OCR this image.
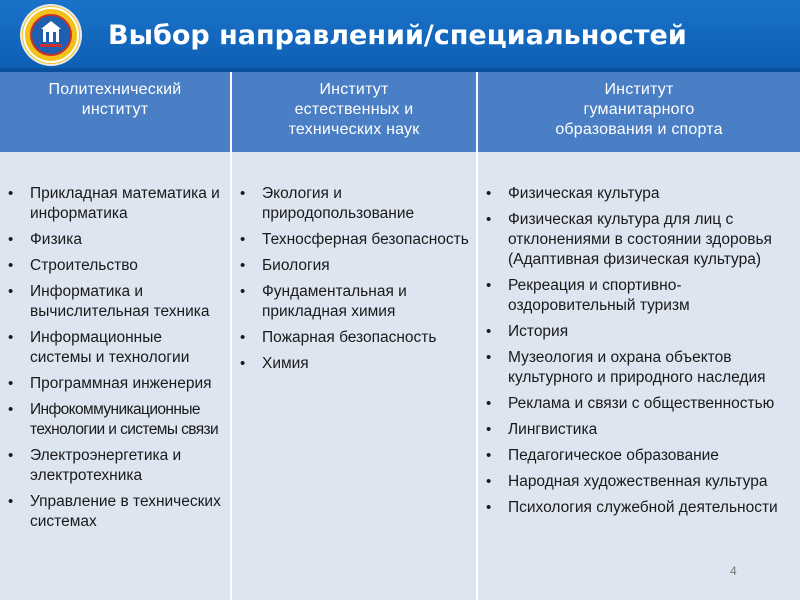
Выбор направлений/специальностей
Политехнический
институт
Институт
естественных и
технических наук
Институт
гуманитарного
образования и спорта
• Прикладная математика и информатика
• Физика
• Строительство
• Информатика и вычислительная техника
• Информационные системы и технологии
• Программная инженерия
• Инфокоммуникационные технологии и системы связи
• Электроэнергетика и электротехника
• Управление в технических системах
• Экология и природопользование
• Техносферная безопасность
• Биология
• Фундаментальная и прикладная химия
• Пожарная безопасность
• Химия
• Физическая культура
• Физическая культура для лиц с отклонениями в состоянии здоровья (Адаптивная физическая культура)
• Рекреация и спортивно-оздоровительный туризм
• История
• Музеология и охрана объектов культурного и природного наследия
• Реклама и связи с общественностью
• Лингвистика
• Педагогическое образование
• Народная художественная культура
• Психология служебной деятельности
4
